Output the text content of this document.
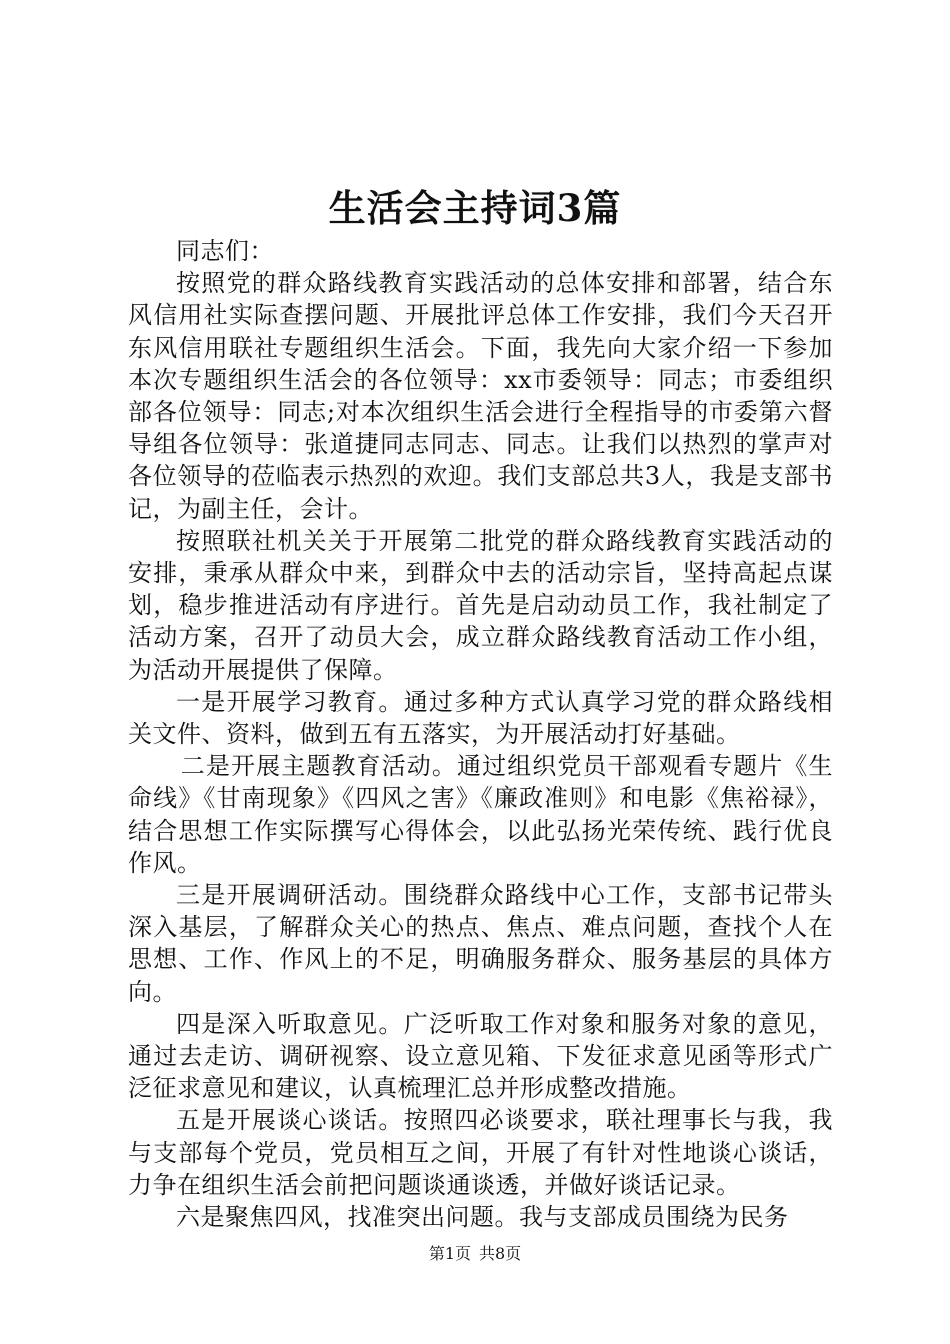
生活会主持词3篇

同志们：

按照党的群众路线教育实践活动的总体安排和部署，结合东风信用社实际查摆问题、开展批评总体工作安排，我们今天召开东风信用联社专题组织生活会。下面，我先向大家介绍一下参加本次专题组织生活会的各位领导：xx市委领导：同志；市委组织部各位领导：同志;对本次组织生活会进行全程指导的市委第六督导组各位领导：张道捷同志同志、同志。让我们以热烈的掌声对各位领导的莅临表示热烈的欢迎。我们支部总共3人，我是支部书记，为副主任，会计。

按照联社机关关于开展第二批党的群众路线教育实践活动的安排，秉承从群众中来，到群众中去的活动宗旨，坚持高起点谋划，稳步推进活动有序进行。首先是启动动员工作，我社制定了活动方案，召开了动员大会，成立群众路线教育活动工作小组，为活动开展提供了保障。

一是开展学习教育。通过多种方式认真学习党的群众路线相关文件、资料，做到五有五落实，为开展活动打好基础。

二是开展主题教育活动。通过组织党员干部观看专题片《生命线》《甘南现象》《四风之害》《廉政准则》和电影《焦裕禄》，结合思想工作实际撰写心得体会，以此弘扬光荣传统、践行优良作风。

三是开展调研活动。围绕群众路线中心工作，支部书记带头深入基层，了解群众关心的热点、焦点、难点问题，查找个人在思想、工作、作风上的不足，明确服务群众、服务基层的具体方向。

四是深入听取意见。广泛听取工作对象和服务对象的意见，通过去走访、调研视察、设立意见箱、下发征求意见函等形式广泛征求意见和建议，认真梳理汇总并形成整改措施。

五是开展谈心谈话。按照四必谈要求，联社理事长与我，我与支部每个党员，党员相互之间，开展了有针对性地谈心谈话，力争在组织生活会前把问题谈通谈透，并做好谈话记录。

六是聚焦四风，找准突出问题。我与支部成员围绕为民务

第1页 共8页
